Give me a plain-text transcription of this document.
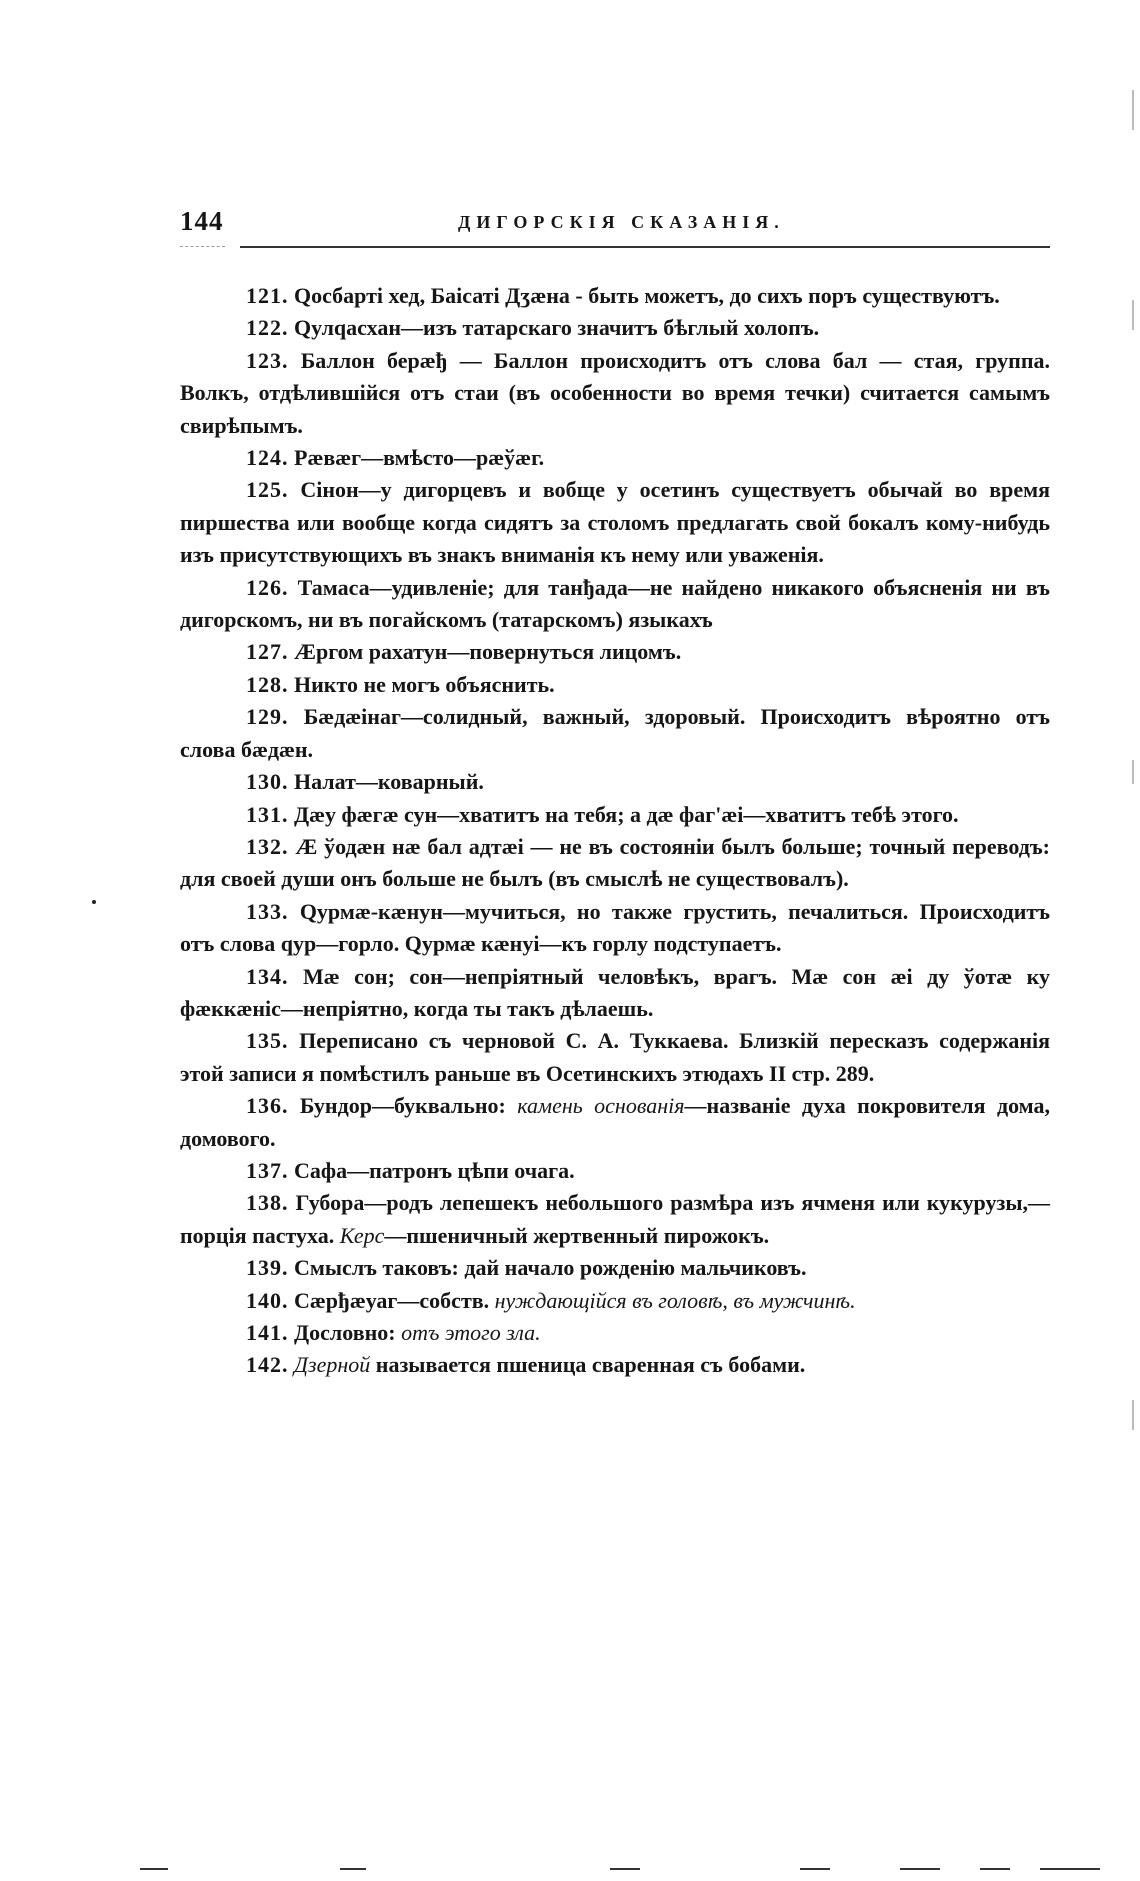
144	ДИГОРСКІЯ СКАЗАНІЯ.

121. Qосбарті хед, Баісаті Дӡæна - быть можетъ, до сихъ поръ существуютъ.

122. Qулqасхан—изъ татарскаго значитъ бѣглый холопъ.

123. Баллон берæђ — Баллон происходитъ отъ слова бал — стая, группа. Волкъ, отдѣлившійся отъ стаи (въ особенности во время течки) считается самымъ свирѣпымъ.

124. Рæвæг—вмѣсто—рæўæг.

125. Сінон—у дигорцевъ и вобще у осетинъ существуетъ обычай во время пиршества или вообще когда сидятъ за столомъ предлагать свой бокалъ кому-нибудь изъ присутствующихъ въ знакъ вниманія къ нему или уваженія.

126. Тамаса—удивленіе; для танђада—не найдено никакого объясненія ни въ дигорскомъ, ни въ погайскомъ (татарскомъ) языкахъ

127. Æргом рахатун—повернуться лицомъ.

128. Никто не могъ объяснить.

129. Бæдæінаг—солидный, важный, здоровый. Происходитъ вѣроятно отъ слова бæдæн.

130. Налат—коварный.

131. Дæу фæгæ сун—хватитъ на тебя; а дæ фаг'æі—хватитъ тебѣ этого.

132. Æ ўодæн нæ бал адтæі — не въ состояніи былъ больше; точный переводъ: для своей души онъ больше не былъ (въ смыслѣ не существовалъ).

133. Qурмæ-кæнун—мучиться, но также грустить, печалиться. Происходитъ отъ слова qур—горло. Qурмæ кæнуі—къ горлу подступаетъ.

134. Мæ сон; сон—непріятный человѣкъ, врагъ. Мæ сон æі ду ўотæ ку фæккæніс—непріятно, когда ты такъ дѣлаешь.

135. Переписано съ черновой С. А. Туккаева. Близкій пересказъ содержанія этой записи я помѣстилъ раньше въ Осетинскихъ этюдахъ II стр. 289.

136. Бундор—буквально: камень основанія—названіе духа покровителя дома, домового.

137. Сафа—патронъ цѣпи очага.

138. Губора—родъ лепешекъ небольшого размѣра изъ ячменя или кукурузы,—порція пастуха. Керс—пшеничный жертвенный пирожокъ.

139. Смыслъ таковъ: дай начало рожденію мальчиковъ.

140. Сæрђæуаг—собств. нуждающійся въ головѣ, въ мужчинѣ.

141. Дословно: отъ этого зла.

142. Дзерной называется пшеница сваренная съ бобами.
